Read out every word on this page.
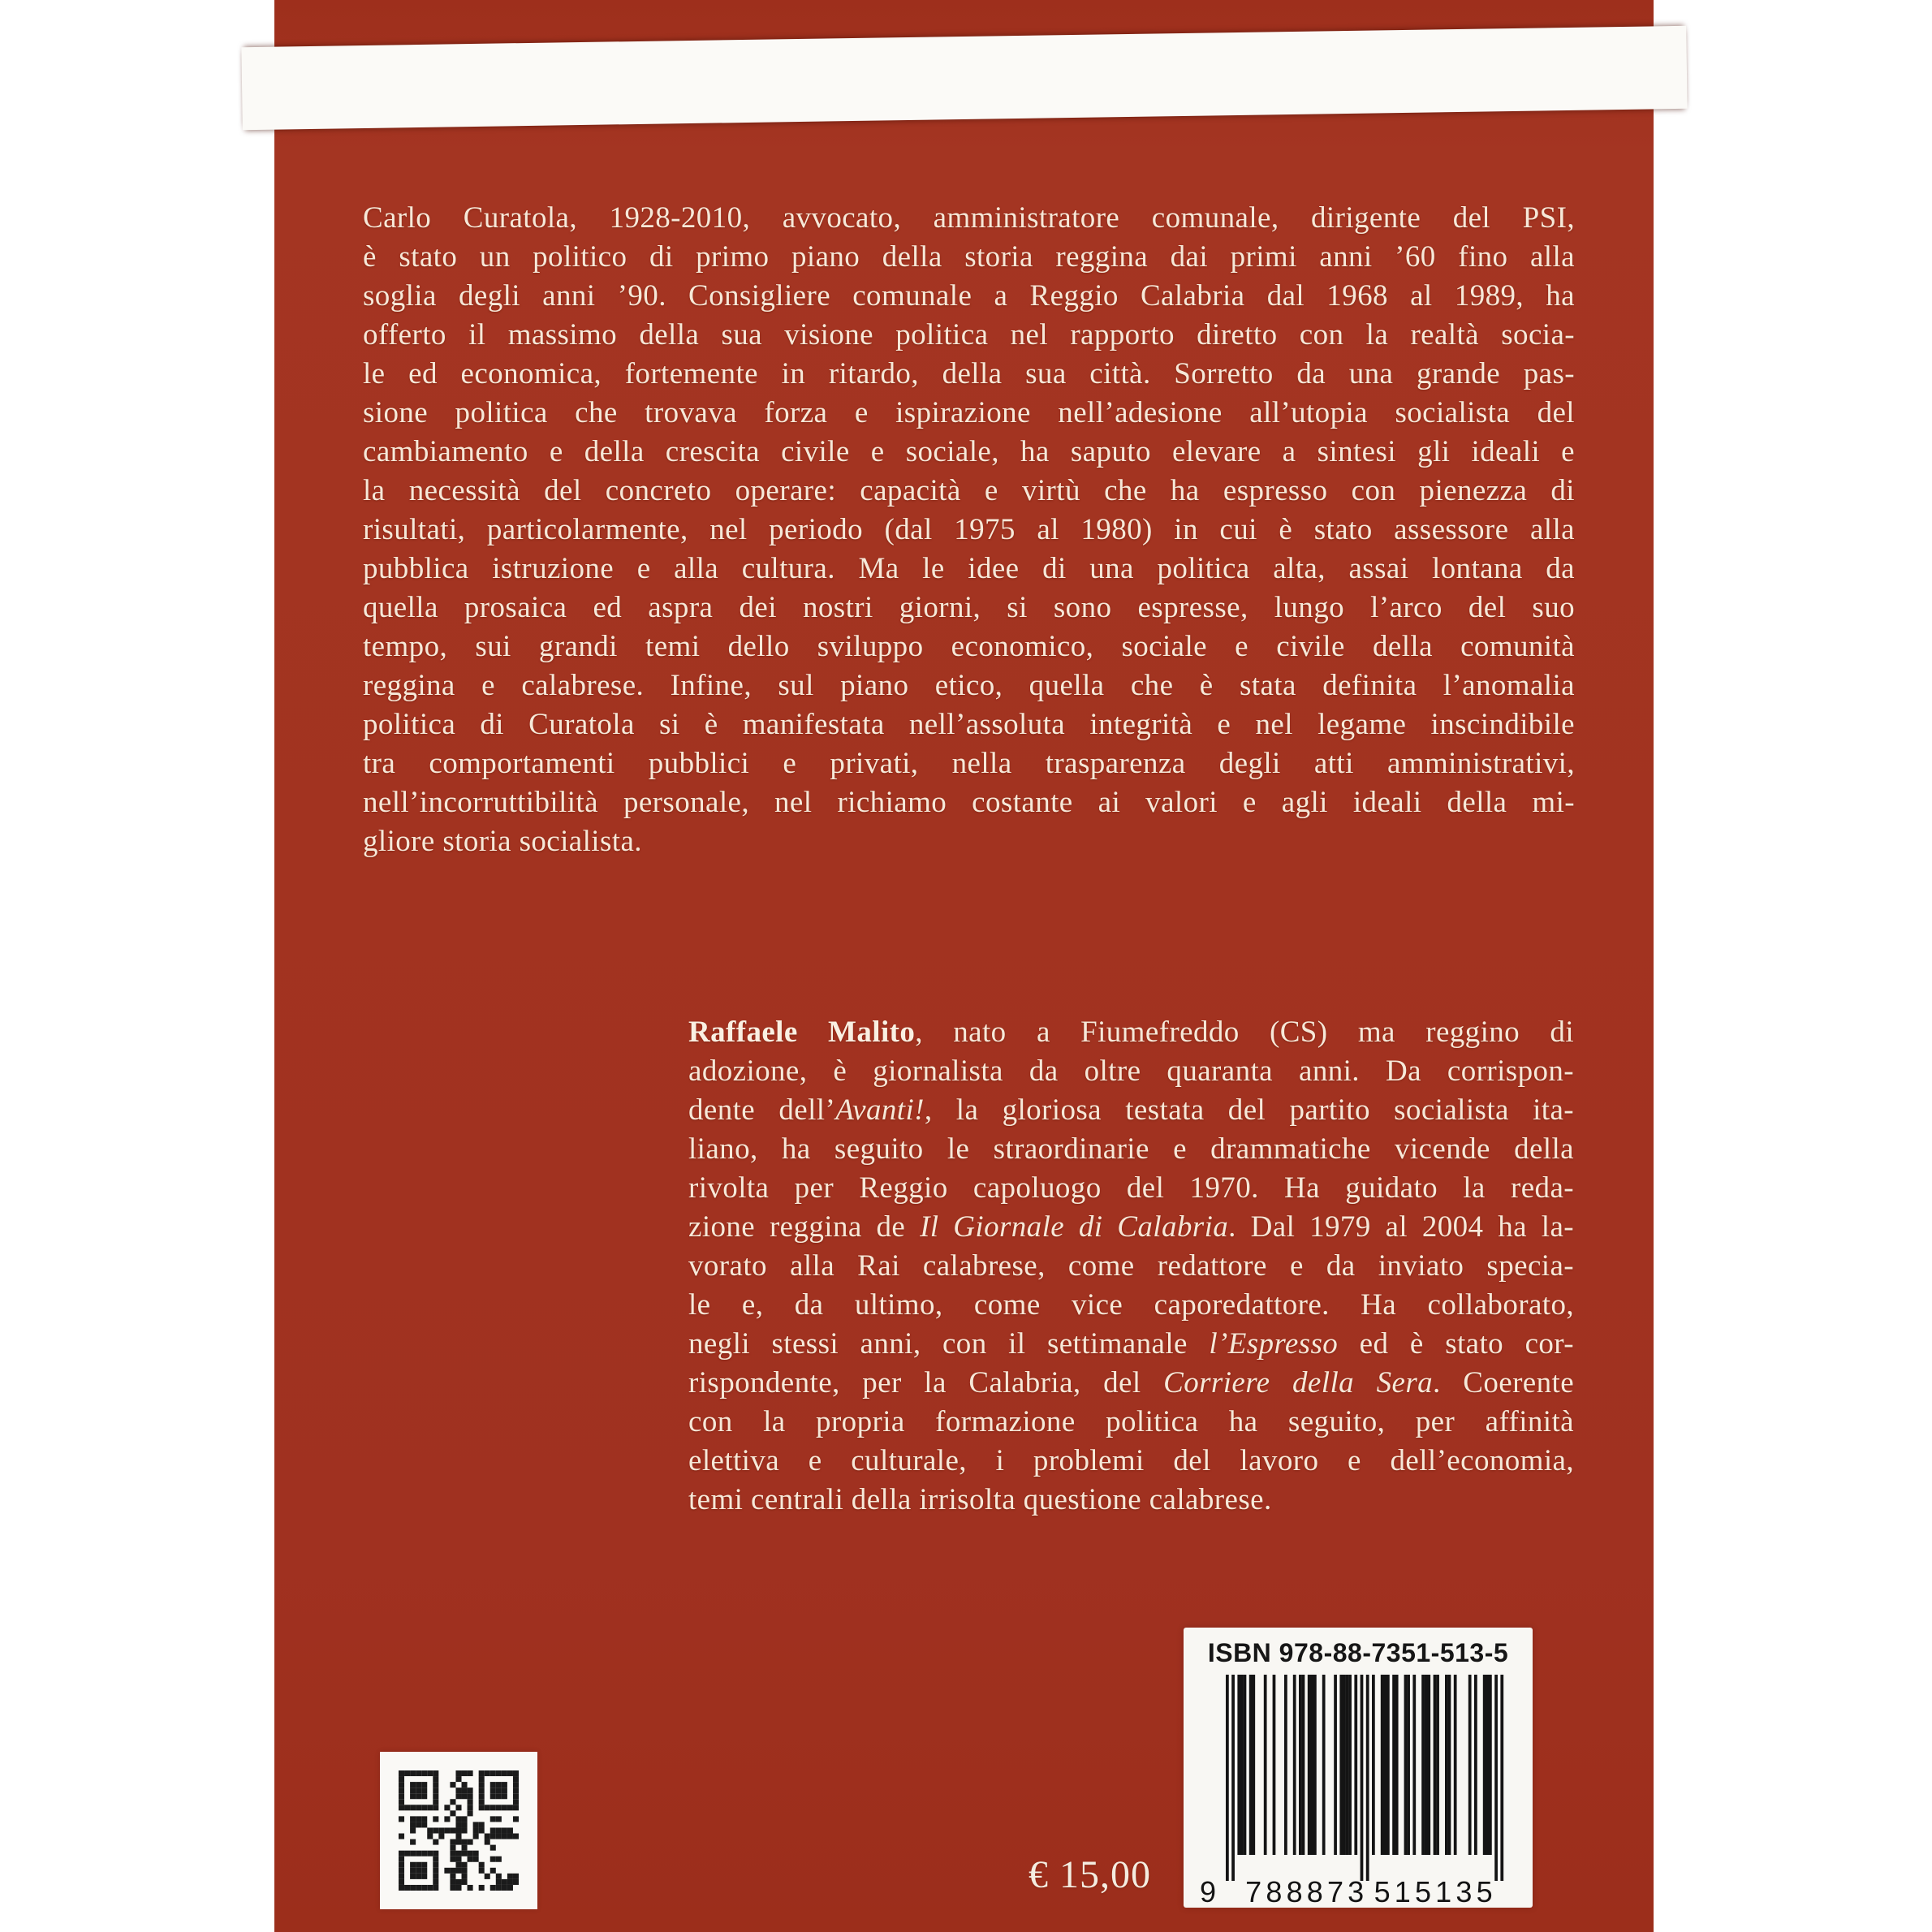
Carlo Curatola, 1928-2010, avvocato, amministratore comunale, dirigente del PSI,
è stato un politico di primo piano della storia reggina dai primi anni ’60 fino alla
soglia degli anni ’90. Consigliere comunale a Reggio Calabria dal 1968 al 1989, ha
offerto il massimo della sua visione politica nel rapporto diretto con la realtà socia-
le ed economica, fortemente in ritardo, della sua città. Sorretto da una grande pas-
sione politica che trovava forza e ispirazione nell’adesione all’utopia socialista del
cambiamento e della crescita civile e sociale, ha saputo elevare a sintesi gli ideali e
la necessità del concreto operare: capacità e virtù che ha espresso con pienezza di
risultati, particolarmente, nel periodo (dal 1975 al 1980) in cui è stato assessore alla
pubblica istruzione e alla cultura. Ma le idee di una politica alta, assai lontana da
quella prosaica ed aspra dei nostri giorni, si sono espresse, lungo l’arco del suo
tempo, sui grandi temi dello sviluppo economico, sociale e civile della comunità
reggina e calabrese. Infine, sul piano etico, quella che è stata definita l’anomalia
politica di Curatola si è manifestata nell’assoluta integrità e nel legame inscindibile
tra comportamenti pubblici e privati, nella trasparenza degli atti amministrativi,
nell’incorruttibilità personale, nel richiamo costante ai valori e agli ideali della mi-
gliore storia socialista.
Raffaele Malito, nato a Fiumefreddo (CS) ma reggino di
adozione, è giornalista da oltre quaranta anni. Da corrispon-
dente dell’Avanti!, la gloriosa testata del partito socialista ita-
liano, ha seguito le straordinarie e drammatiche vicende della
rivolta per Reggio capoluogo del 1970. Ha guidato la reda-
zione reggina de Il Giornale di Calabria. Dal 1979 al 2004 ha la-
vorato alla Rai calabrese, come redattore e da inviato specia-
le e, da ultimo, come vice caporedattore. Ha collaborato,
negli stessi anni, con il settimanale l’Espresso ed è stato cor-
rispondente, per la Calabria, del Corriere della Sera. Coerente
con la propria formazione politica ha seguito, per affinità
elettiva e culturale, i problemi del lavoro e dell’economia,
temi centrali della irrisolta questione calabrese.
€ 15,00
ISBN 978-88-7351-513-5
9 7	5
8	1
8	5
8	1
7	3
3	5
